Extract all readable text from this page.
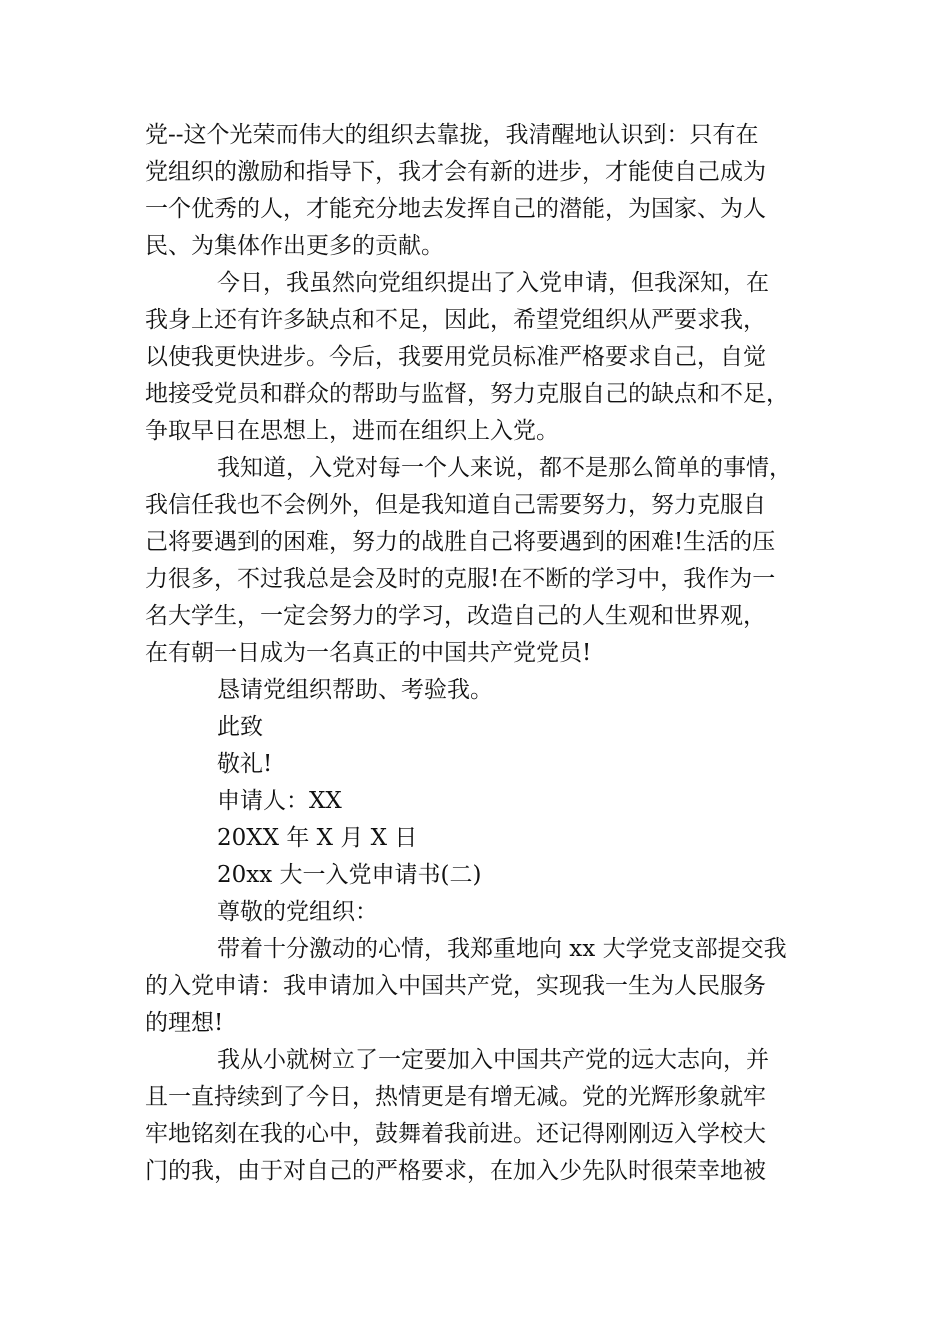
党--这个光荣而伟大的组织去靠拢，我清醒地认识到：只有在
党组织的激励和指导下，我才会有新的进步，才能使自己成为
一个优秀的人，才能充分地去发挥自己的潜能，为国家、为人
民、为集体作出更多的贡献。
今日，我虽然向党组织提出了入党申请，但我深知，在
我身上还有许多缺点和不足，因此，希望党组织从严要求我，
以使我更快进步。今后，我要用党员标准严格要求自己，自觉
地接受党员和群众的帮助与监督，努力克服自己的缺点和不足，
争取早日在思想上，进而在组织上入党。
我知道，入党对每一个人来说，都不是那么简单的事情，
我信任我也不会例外，但是我知道自己需要努力，努力克服自
己将要遇到的困难，努力的战胜自己将要遇到的困难!生活的压
力很多，不过我总是会及时的克服!在不断的学习中，我作为一
名大学生，一定会努力的学习，改造自己的人生观和世界观，
在有朝一日成为一名真正的中国共产党党员!
恳请党组织帮助、考验我。
此致
敬礼!
申请人：XX
20XX 年 X 月 X 日
20xx 大一入党申请书(二)
尊敬的党组织：
带着十分激动的心情，我郑重地向 xx 大学党支部提交我
的入党申请：我申请加入中国共产党，实现我一生为人民服务
的理想!
我从小就树立了一定要加入中国共产党的远大志向，并
且一直持续到了今日，热情更是有增无减。党的光辉形象就牢
牢地铭刻在我的心中，鼓舞着我前进。还记得刚刚迈入学校大
门的我，由于对自己的严格要求，在加入少先队时很荣幸地被
